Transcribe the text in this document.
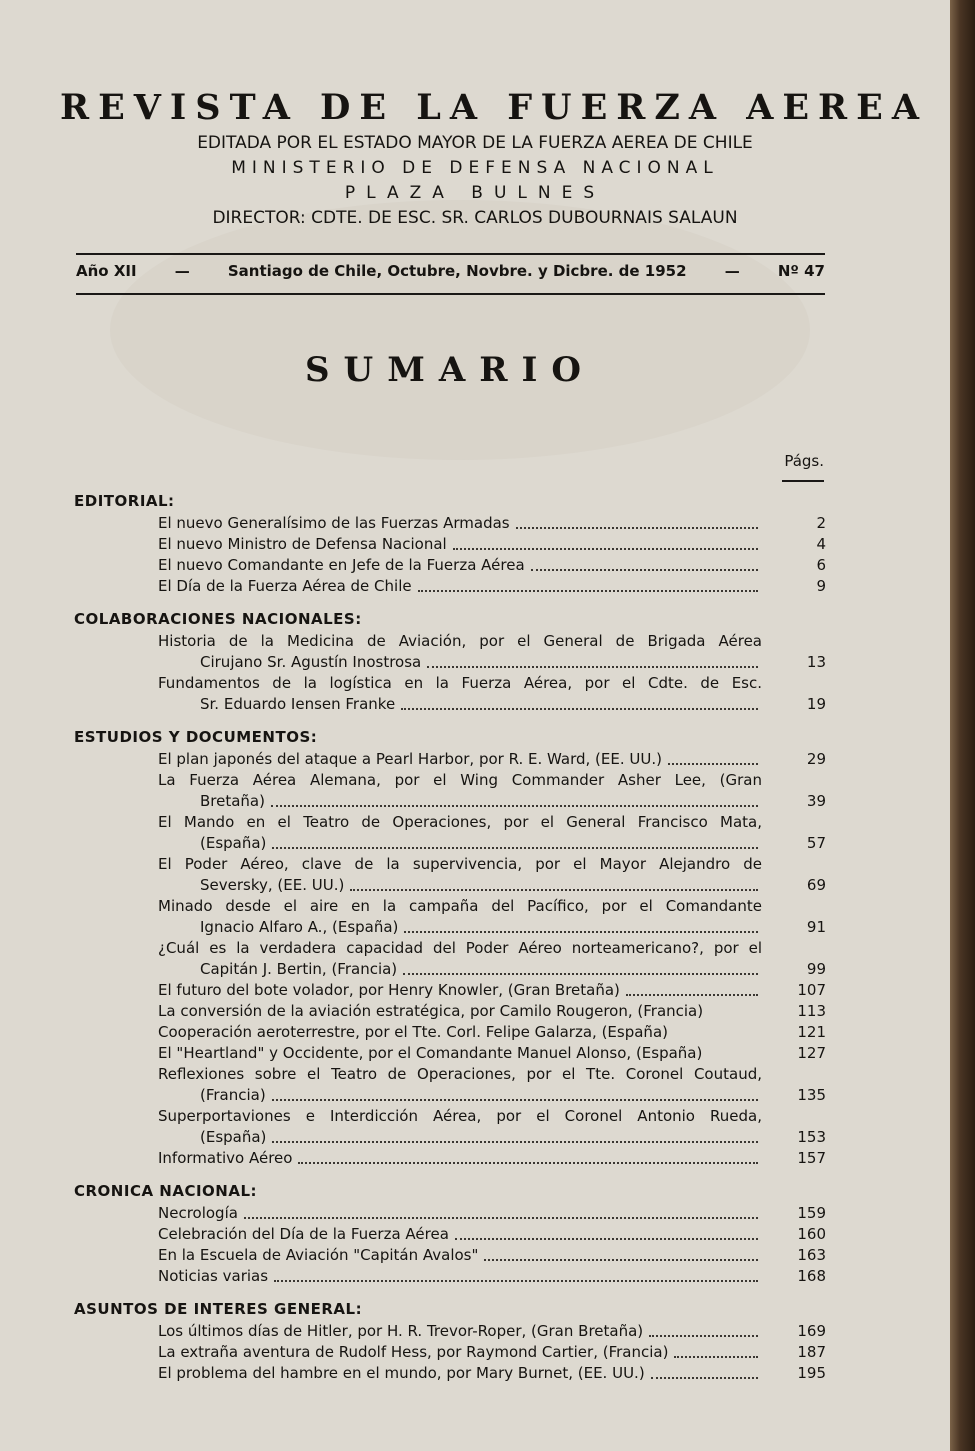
REVISTA DE LA FUERZA AEREA

EDITADA POR EL ESTADO MAYOR DE LA FUERZA AEREA DE CHILE

MINISTERIO DE DEFENSA NACIONAL

PLAZA BULNES

DIRECTOR: CDTE. DE ESC. SR. CARLOS DUBOURNAIS SALAUN

Año XII	—	Santiago de Chile, Octubre, Novbre. y Dicbre. de 1952	—	Nº 47
SUMARIO
Págs.
EDITORIAL:
El nuevo Generalísimo de las Fuerzas Armadas	2
El nuevo Ministro de Defensa Nacional	4
El nuevo Comandante en Jefe de la Fuerza Aérea	6
El Día de la Fuerza Aérea de Chile	9
COLABORACIONES NACIONALES:
Historia de la Medicina de Aviación, por el General de Brigada Aérea
Cirujano Sr. Agustín Inostrosa	13
Fundamentos de la logística en la Fuerza Aérea, por el Cdte. de Esc.
Sr. Eduardo Iensen Franke	19
ESTUDIOS Y DOCUMENTOS:
El plan japonés del ataque a Pearl Harbor, por R. E. Ward, (EE. UU.)	29
La Fuerza Aérea Alemana, por el Wing Commander Asher Lee, (Gran
Bretaña)	39
El Mando en el Teatro de Operaciones, por el General Francisco Mata,
(España)	57
El Poder Aéreo, clave de la supervivencia, por el Mayor Alejandro de
Seversky, (EE. UU.)	69
Minado desde el aire en la campaña del Pacífico, por el Comandante
Ignacio Alfaro A., (España)	91
¿Cuál es la verdadera capacidad del Poder Aéreo norteamericano?, por el
Capitán J. Bertin, (Francia)	99
El futuro del bote volador, por Henry Knowler, (Gran Bretaña)	107
La conversión de la aviación estratégica, por Camilo Rougeron, (Francia)	113
Cooperación aeroterrestre, por el Tte. Corl. Felipe Galarza, (España)	121
El "Heartland" y Occidente, por el Comandante Manuel Alonso, (España)	127
Reflexiones sobre el Teatro de Operaciones, por el Tte. Coronel Coutaud,
(Francia)	135
Superportaviones e Interdicción Aérea, por el Coronel Antonio Rueda,
(España)	153
Informativo Aéreo	157
CRONICA NACIONAL:
Necrología	159
Celebración del Día de la Fuerza Aérea	160
En la Escuela de Aviación "Capitán Avalos"	163
Noticias varias	168
ASUNTOS DE INTERES GENERAL:
Los últimos días de Hitler, por H. R. Trevor-Roper, (Gran Bretaña)	169
La extraña aventura de Rudolf Hess, por Raymond Cartier, (Francia)	187
El problema del hambre en el mundo, por Mary Burnet, (EE. UU.)	195
